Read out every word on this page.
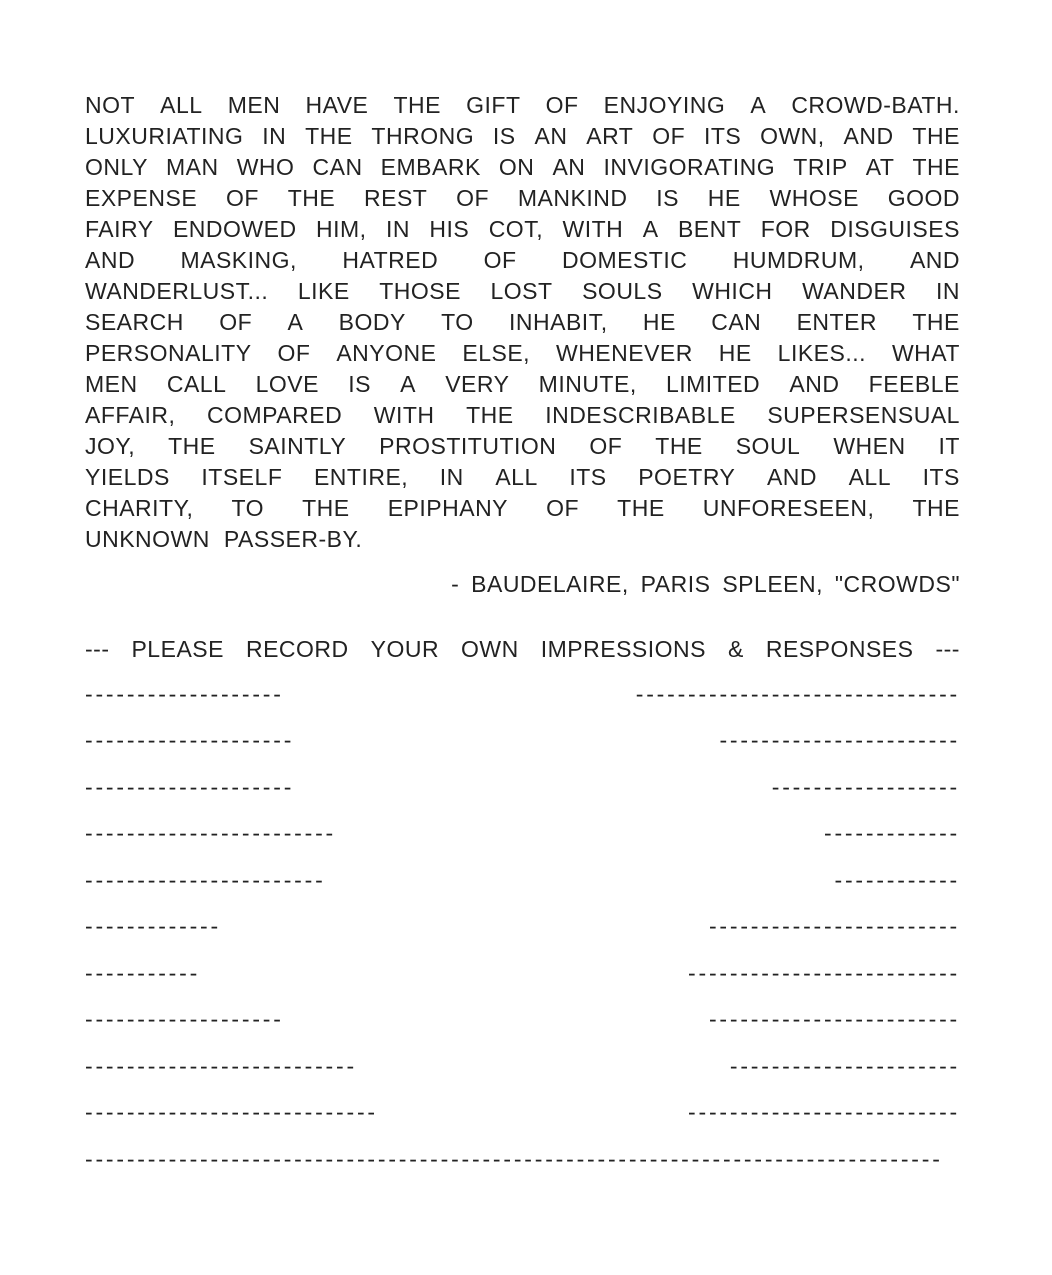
NOT ALL MEN HAVE THE GIFT OF ENJOYING A CROWD-BATH.
LUXURIATING IN THE THRONG IS AN ART OF ITS OWN, AND THE
ONLY MAN WHO CAN EMBARK ON AN INVIGORATING TRIP AT THE
EXPENSE OF THE REST OF MANKIND IS HE WHOSE GOOD
FAIRY ENDOWED HIM, IN HIS COT, WITH A BENT FOR DISGUISES
AND MASKING, HATRED OF DOMESTIC HUMDRUM, AND
WANDERLUST... LIKE THOSE LOST SOULS WHICH WANDER IN
SEARCH OF A BODY TO INHABIT, HE CAN ENTER THE
PERSONALITY OF ANYONE ELSE, WHENEVER HE LIKES... WHAT
MEN CALL LOVE IS A VERY MINUTE, LIMITED AND FEEBLE
AFFAIR, COMPARED WITH THE INDESCRIBABLE SUPERSENSUAL
JOY, THE SAINTLY PROSTITUTION OF THE SOUL WHEN IT
YIELDS ITSELF ENTIRE, IN ALL ITS POETRY AND ALL ITS
CHARITY, TO THE EPIPHANY OF THE UNFORESEEN, THE
UNKNOWN PASSER-BY.
- BAUDELAIRE, PARIS SPLEEN, "CROWDS"
--- PLEASE RECORD YOUR OWN IMPRESSIONS & RESPONSES ---
-------------------	-------------------------------
--------------------	-----------------------
--------------------	------------------
------------------------	-------------
-----------------------	------------
-------------	------------------------
-----------	--------------------------
-------------------	------------------------
--------------------------	----------------------
----------------------------	--------------------------
----------------------------------------------------------------------------------
